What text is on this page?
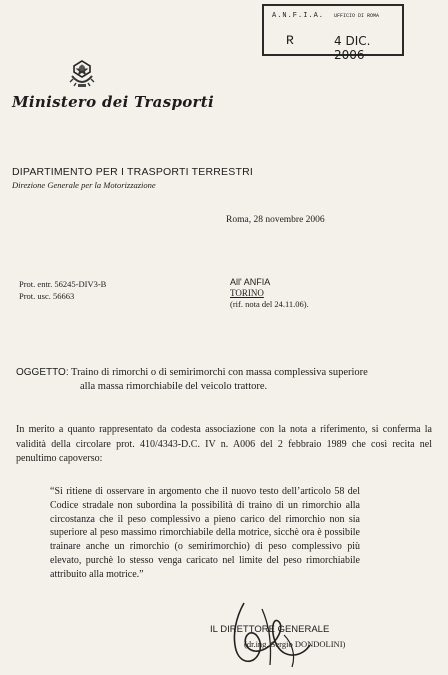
A.N.F.I.A. UFFICIO DI ROMA
R	4 DIC. 2006
Ministero dei Trasporti
DIPARTIMENTO PER I TRASPORTI TERRESTRI
Direzione Generale per la Motorizzazione
Roma, 28 novembre 2006
Prot. entr. 56245-DIV3-B
Prot. usc. 56663
All' ANFIA
TORINO
(rif. nota del 24.11.06).
OGGETTO: Traino di rimorchi o di semirimorchi con massa complessiva superiore
alla massa rimorchiabile del veicolo trattore.
In merito a quanto rappresentato da codesta associazione con la nota a riferimento, si conferma la validità della circolare prot. 410/4343-D.C. IV n. A006 del 2 febbraio 1989 che così recita nel penultimo capoverso:
“Si ritiene di osservare in argomento che il nuovo testo dell’articolo 58 del Codice stradale non subordina la possibilità di traino di un rimorchio alla circostanza che il peso complessivo a pieno carico del rimorchio non sia superiore al peso massimo rimorchiabile della motrice, sicchè ora è possibile trainare anche un rimorchio (o semirimorchio) di peso complessivo più elevato, purchè lo stesso venga caricato nel limite del peso rimorchiabile attribuito alla motrice.”
IL DIRETTORE GENERALE
(dr.ing. Sergio DONDOLINI)
